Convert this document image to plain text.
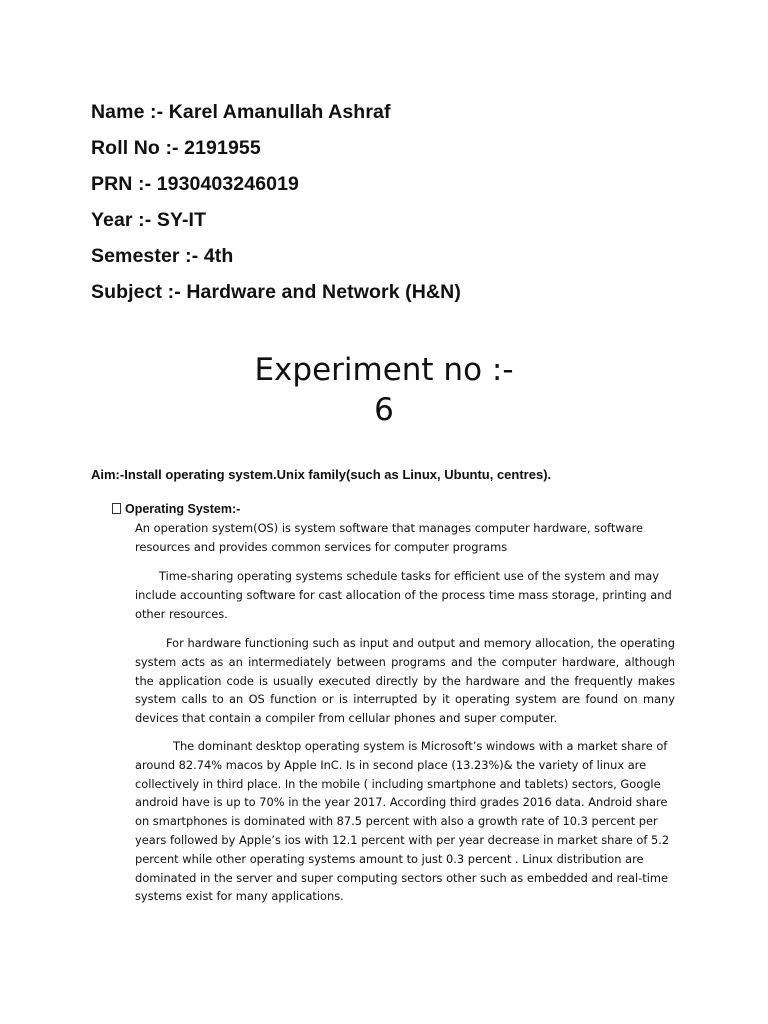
Name :- Karel Amanullah Ashraf
Roll No :- 2191955
PRN :- 1930403246019
Year :- SY-IT
Semester :- 4th
Subject :- Hardware and Network (H&N)
Experiment no :-
6
Aim:-Install operating system.Unix family(such as Linux, Ubuntu, centres).
Operating System:-

An operation system(OS) is system software that manages computer hardware, software resources and provides common services for computer programs

Time-sharing operating systems schedule tasks for efficient use of the system and may include accounting software for cast allocation of the process time mass storage, printing and other resources.

For hardware functioning such as input and output and memory allocation, the operating system acts as an intermediately between programs and the computer hardware, although the application code is usually executed directly by the hardware and the frequently makes system calls to an OS function or is interrupted by it operating system are found on many devices that contain a compiler from cellular phones and super computer.

The dominant desktop operating system is Microsoft’s windows with a market share of around 82.74% macos by Apple InC. Is in second place (13.23%)& the variety of linux are collectively in third place. In the mobile ( including smartphone and tablets) sectors, Google android have is up to 70% in the year 2017. According third grades 2016 data. Android share on smartphones is dominated with 87.5 percent with also a growth rate of 10.3 percent per years followed by Apple’s ios with 12.1 percent with per year decrease in market share of 5.2 percent while other operating systems amount to just 0.3 percent . Linux distribution are dominated in the server and super computing sectors other such as embedded and real-time systems exist for many applications.
